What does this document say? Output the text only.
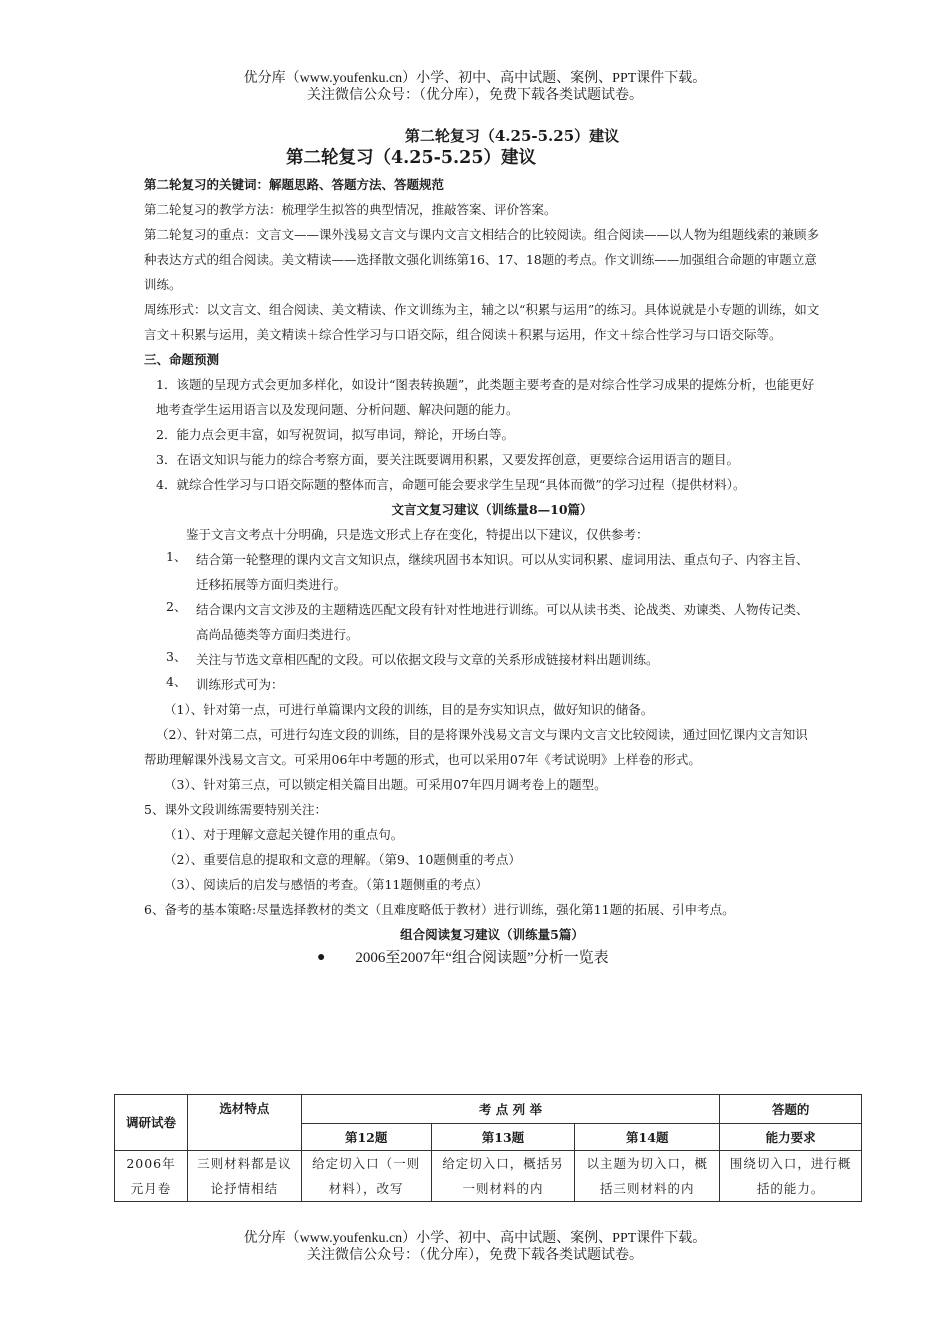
优分库（www.youfenku.cn）小学、初中、高中试题、案例、PPT课件下载。
关注微信公众号：（优分库），免费下载各类试题试卷。
第二轮复习（4.25-5.25）建议
第二轮复习（4.25-5.25）建议

第二轮复习的关键词：解题思路、答题方法、答题规范

第二轮复习的教学方法：梳理学生拟答的典型情况，推敲答案、评价答案。

第二轮复习的重点：文言文——课外浅易文言文与课内文言文相结合的比较阅读。组合阅读——以人物为组题线索的兼顾多种表达方式的组合阅读。美文精读——选择散文强化训练第16、17、18题的考点。作文训练——加强组合命题的审题立意训练。

周练形式：以文言文、组合阅读、美文精读、作文训练为主，辅之以“积累与运用”的练习。具体说就是小专题的训练，如文言文＋积累与运用，美文精读＋综合性学习与口语交际，组合阅读＋积累与运用，作文＋综合性学习与口语交际等。

三、命题预测

1．该题的呈现方式会更加多样化，如设计“图表转换题”，此类题主要考查的是对综合性学习成果的提炼分析，也能更好地考查学生运用语言以及发现问题、分析问题、解决问题的能力。

2．能力点会更丰富，如写祝贺词，拟写串词，辩论，开场白等。

3．在语文知识与能力的综合考察方面，要关注既要调用积累，又要发挥创意，更要综合运用语言的题目。

4．就综合性学习与口语交际题的整体而言，命题可能会要求学生呈现“具体而微”的学习过程（提供材料）。

文言文复习建议（训练量8—10篇）

鉴于文言文考点十分明确，只是选文形式上存在变化，特提出以下建议，仅供参考：

1、 结合第一轮整理的课内文言文知识点，继续巩固书本知识。可以从实词积累、虚词用法、重点句子、内容主旨、迁移拓展等方面归类进行。

2、 结合课内文言文涉及的主题精选匹配文段有针对性地进行训练。可以从读书类、论战类、劝谏类、人物传记类、高尚品德类等方面归类进行。

3、 关注与节选文章相匹配的文段。可以依据文段与文章的关系形成链接材料出题训练。

4、 训练形式可为：

（1）、针对第一点，可进行单篇课内文段的训练，目的是夯实知识点，做好知识的储备。

（2）、针对第二点，可进行勾连文段的训练，目的是将课外浅易文言文与课内文言文比较阅读，通过回忆课内文言知识帮助理解课外浅易文言文。可采用06年中考题的形式，也可以采用07年《考试说明》上样卷的形式。

（3）、针对第三点，可以锁定相关篇目出题。可采用07年四月调考卷上的题型。

5、课外文段训练需要特别关注：

（1）、对于理解文意起关键作用的重点句。

（2）、重要信息的提取和文意的理解。（第9、10题侧重的考点）

（3）、阅读后的启发与感悟的考查。（第11题侧重的考点）

6、备考的基本策略:尽量选择教材的类文（且难度略低于教材）进行训练，强化第11题的拓展、引申考点。

组合阅读复习建议（训练量5篇）

● 2006至2007年“组合阅读题”分析一览表
调研试卷	选材特点	考 点 列 举			答题的
		第12题	第13题	第14题	能力要求
2006年元月卷	三则材料都是议论抒情相结	给定切入口（一则材料），改写	给定切入口，概括另一则材料的内	以主题为切入口，概括三则材料的内	围绕切入口，进行概括的能力。
优分库（www.youfenku.cn）小学、初中、高中试题、案例、PPT课件下载。
关注微信公众号：（优分库），免费下载各类试题试卷。
